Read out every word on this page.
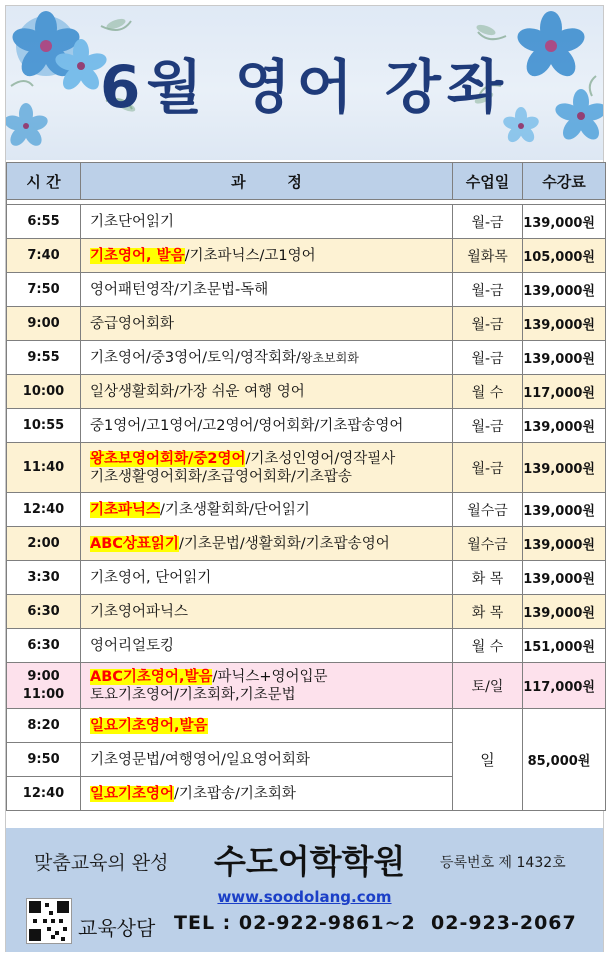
6월 영어 강좌
시 간	과        정	수업일	수강료

6:55	기초단어읽기	월-금	139,000원
7:40	기초영어, 발음/기초파닉스/고1영어	월화목	105,000원
7:50	영어패턴영작/기초문법-독해	월-금	139,000원
9:00	중급영어회화	월-금	139,000원
9:55	기초영어/중3영어/토익/영작회화/왕초보회화	월-금	139,000원
10:00	일상생활회화/가장 쉬운 여행 영어	월 수	117,000원
10:55	중1영어/고1영어/고2영어/영어회화/기초팝송영어	월-금	139,000원
11:40	왕초보영어회화/중2영어/기초성인영어/영작필사
기초생활영어회화/초급영어회화/기초팝송	월-금	139,000원
12:40	기초파닉스/기초생활회화/단어읽기	월수금	139,000원
2:00	ABC상표읽기/기초문법/생활회화/기초팝송영어	월수금	139,000원
3:30	기초영어, 단어읽기	화 목	139,000원
6:30	기초영어파닉스	화 목	139,000원
6:30	영어리얼토킹	월 수	151,000원
9:00
11:00	ABC기초영어,발음/파닉스+영어입문
토요기초영어/기초회화,기초문법	토/일	117,000원
8:20	일요기초영어,발음	일	85,000원
9:50	기초영문법/여행영어/일요영어회화		
12:40	일요기초영어/기초팝송/기초회화		
맞춤교육의 완성 수도어학학원 등록번호 제 1432호
www.soodolang.com
교육상담 TEL : 02-922-9861~2  02-923-2067
